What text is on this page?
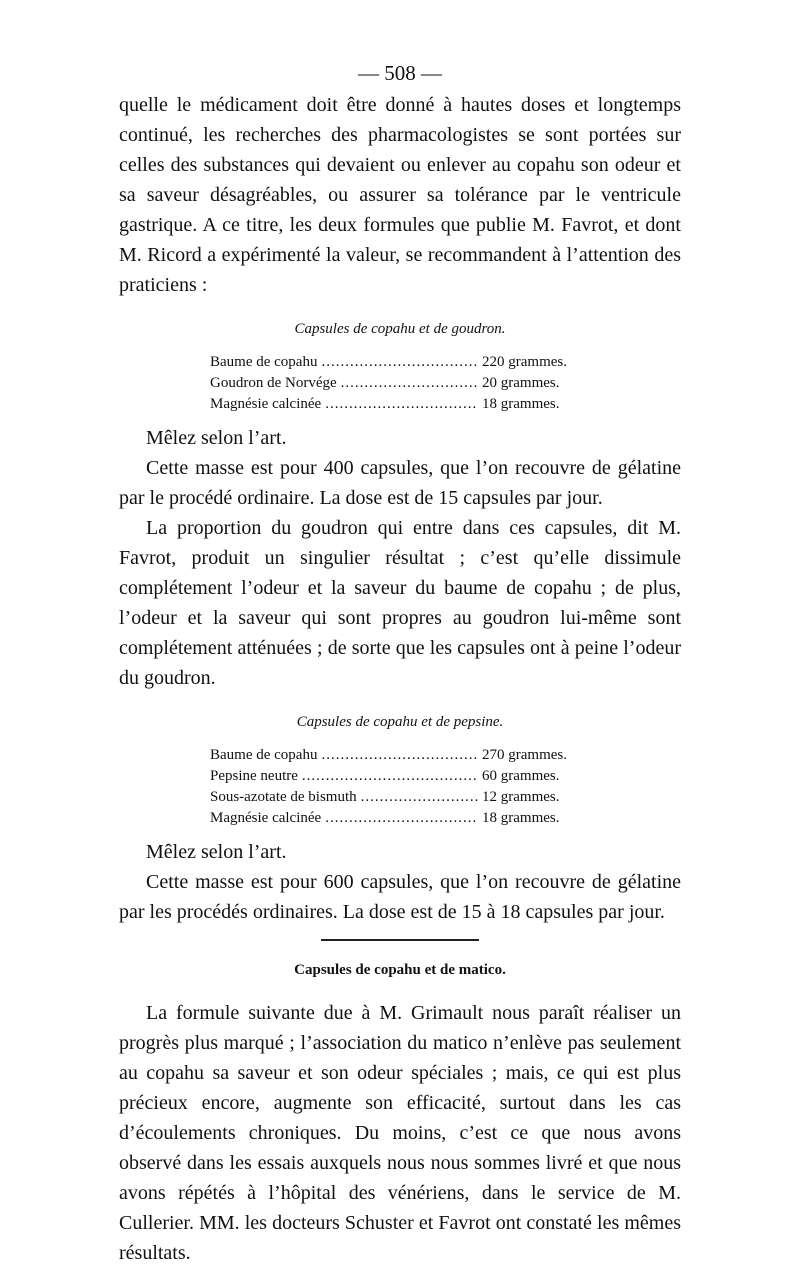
— 508 —

quelle le médicament doit être donné à hautes doses et longtemps continué, les recherches des pharmacologistes se sont portées sur celles des substances qui devaient ou enlever au copahu son odeur et sa saveur désagréables, ou assurer sa tolérance par le ventricule gastrique. A ce titre, les deux formules que publie M. Favrot, et dont M. Ricord a expérimenté la valeur, se recommandent à l’attention des praticiens :

Capsules de copahu et de goudron.
Baume de copahu .....	220 grammes.
Goudron de Norvége .....	20 grammes.
Magnésie calcinée .....	18 grammes.

Mêlez selon l’art.

Cette masse est pour 400 capsules, que l’on recouvre de gélatine par le procédé ordinaire. La dose est de 15 capsules par jour.

La proportion du goudron qui entre dans ces capsules, dit M. Favrot, produit un singulier résultat ; c’est qu’elle dissimule complétement l’odeur et la saveur du baume de copahu ; de plus, l’odeur et la saveur qui sont propres au goudron lui-même sont complétement atténuées ; de sorte que les capsules ont à peine l’odeur du goudron.

Capsules de copahu et de pepsine.
Baume de copahu .....	270 grammes.
Pepsine neutre .....	60 grammes.
Sous-azotate de bismuth .....	12 grammes.
Magnésie calcinée .....	18 grammes.

Mêlez selon l’art.

Cette masse est pour 600 capsules, que l’on recouvre de gélatine par les procédés ordinaires. La dose est de 15 à 18 capsules par jour.

Capsules de copahu et de matico.

La formule suivante due à M. Grimault nous paraît réaliser un progrès plus marqué ; l’association du matico n’enlève pas seulement au copahu sa saveur et son odeur spéciales ; mais, ce qui est plus précieux encore, augmente son efficacité, surtout dans les cas d’écoulements chroniques. Du moins, c’est ce que nous avons observé dans les essais auxquels nous nous sommes livré et que nous avons répétés à l’hôpital des vénériens, dans le service de M. Cullerier. MM. les docteurs Schuster et Favrot ont constaté les mêmes résultats.
